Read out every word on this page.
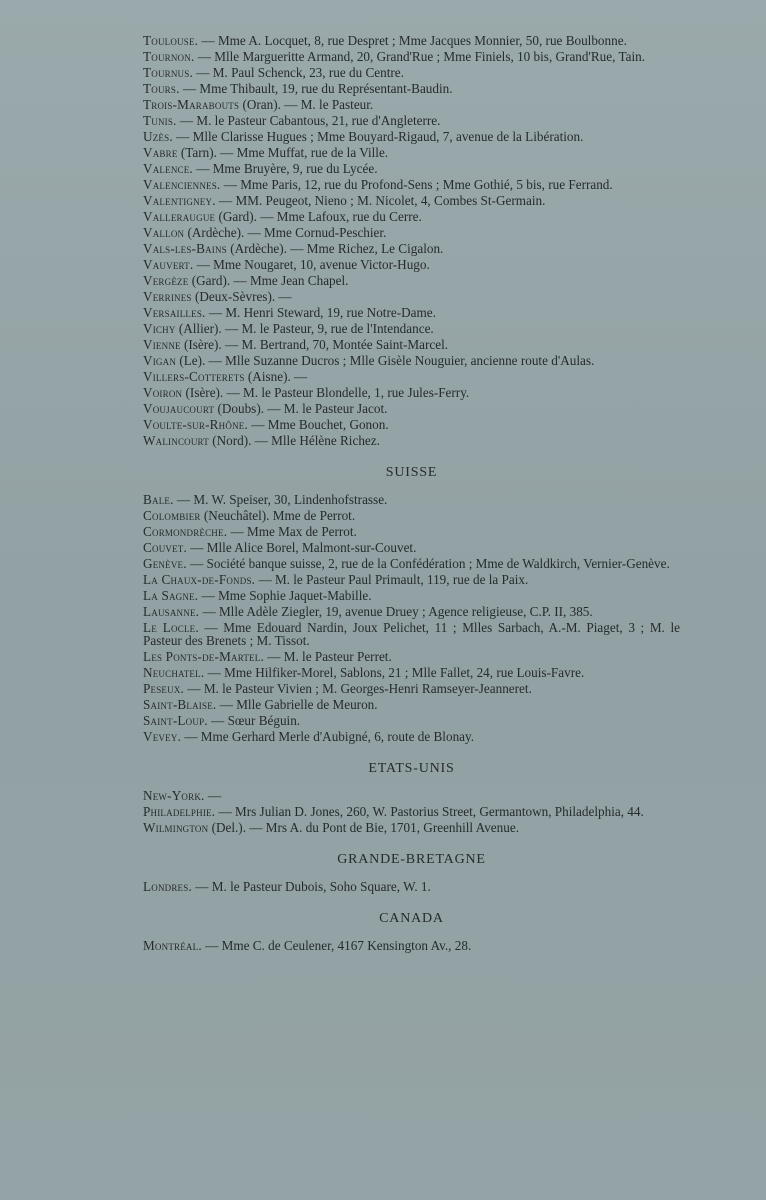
Toulouse. — Mme A. Locquet, 8, rue Despret ; Mme Jacques Monnier, 50, rue Boulbonne.
Tournon. — Mlle Margueritte Armand, 20, Grand'Rue ; Mme Finiels, 10 bis, Grand'Rue, Tain.
Tournus. — M. Paul Schenck, 23, rue du Centre.
Tours. — Mme Thibault, 19, rue du Représentant-Baudin.
Trois-Marabouts (Oran). — M. le Pasteur.
Tunis. — M. le Pasteur Cabantous, 21, rue d'Angleterre.
Uzès. — Mlle Clarisse Hugues ; Mme Bouyard-Rigaud, 7, avenue de la Libération.
Vabre (Tarn). — Mme Muffat, rue de la Ville.
Valence. — Mme Bruyère, 9, rue du Lycée.
Valenciennes. — Mme Paris, 12, rue du Profond-Sens ; Mme Gothié, 5 bis, rue Ferrand.
Valentigney. — MM. Peugeot, Nieno ; M. Nicolet, 4, Combes St-Germain.
Valleraugue (Gard). — Mme Lafoux, rue du Cerre.
Vallon (Ardèche). — Mme Cornud-Peschier.
Vals-les-Bains (Ardèche). — Mme Richez, Le Cigalon.
Vauvert. — Mme Nougaret, 10, avenue Victor-Hugo.
Vergèze (Gard). — Mme Jean Chapel.
Verrines (Deux-Sèvres). —
Versailles. — M. Henri Steward, 19, rue Notre-Dame.
Vichy (Allier). — M. le Pasteur, 9, rue de l'Intendance.
Vienne (Isère). — M. Bertrand, 70, Montée Saint-Marcel.
Vigan (Le). — Mlle Suzanne Ducros ; Mlle Gisèle Nouguier, ancienne route d'Aulas.
Villers-Cotterets (Aisne). —
Voiron (Isère). — M. le Pasteur Blondelle, 1, rue Jules-Ferry.
Voujaucourt (Doubs). — M. le Pasteur Jacot.
Voulte-sur-Rhône. — Mme Bouchet, Gonon.
Walincourt (Nord). — Mlle Hélène Richez.
SUISSE
Bale. — M. W. Speiser, 30, Lindenhofstrasse.
Colombier (Neuchâtel). Mme de Perrot.
Cormondrèche. — Mme Max de Perrot.
Couvet. — Mlle Alice Borel, Malmont-sur-Couvet.
Genève. — Société banque suisse, 2, rue de la Confédération ; Mme de Waldkirch, Vernier-Genève.
La Chaux-de-Fonds. — M. le Pasteur Paul Primault, 119, rue de la Paix.
La Sagne. — Mme Sophie Jaquet-Mabille.
Lausanne. — Mlle Adèle Ziegler, 19, avenue Druey ; Agence religieuse, C.P. II, 385.
Le Locle. — Mme Edouard Nardin, Joux Pelichet, 11 ; Mlles Sarbach, A.-M. Piaget, 3 ; M. le Pasteur des Brenets ; M. Tissot.
Les Ponts-de-Martel. — M. le Pasteur Perret.
Neuchatel. — Mme Hilfiker-Morel, Sablons, 21 ; Mlle Fallet, 24, rue Louis-Favre.
Peseux. — M. le Pasteur Vivien ; M. Georges-Henri Ramseyer-Jeanneret.
Saint-Blaise. — Mlle Gabrielle de Meuron.
Saint-Loup. — Sœur Béguin.
Vevey. — Mme Gerhard Merle d'Aubigné, 6, route de Blonay.
ETATS-UNIS
New-York. —
Philadelphie. — Mrs Julian D. Jones, 260, W. Pastorius Street, Germantown, Philadelphia, 44.
Wilmington (Del.). — Mrs A. du Pont de Bie, 1701, Greenhill Avenue.
GRANDE-BRETAGNE
Londres. — M. le Pasteur Dubois, Soho Square, W. 1.
CANADA
Montréal. — Mme C. de Ceulener, 4167 Kensington Av., 28.
